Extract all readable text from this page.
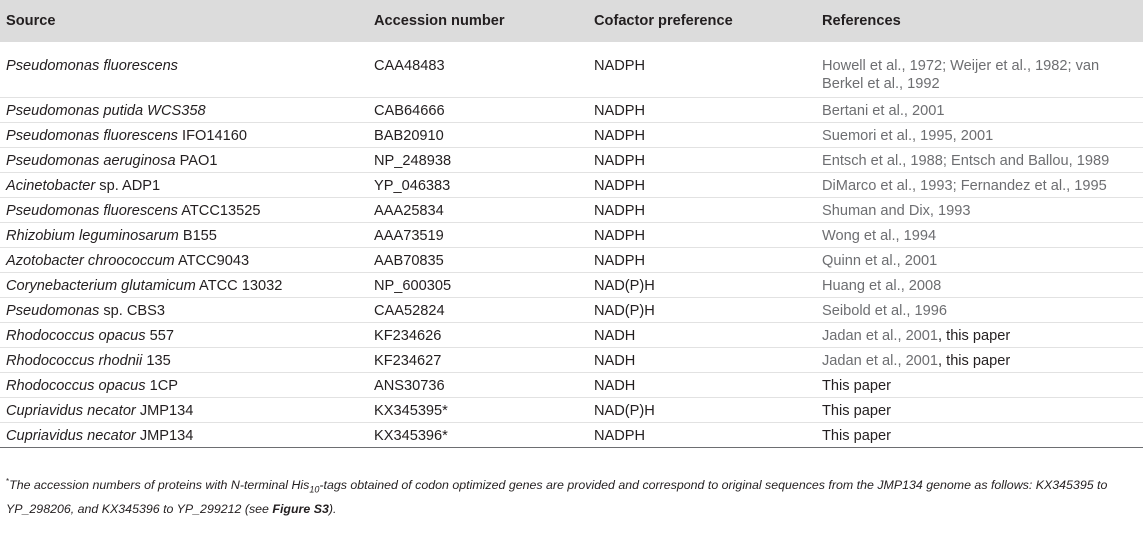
Source	Accession number	Cofactor preference	References
Pseudomonas fluorescens	CAA48483	NADPH	Howell et al., 1972; Weijer et al., 1982; van Berkel et al., 1992
Pseudomonas putida WCS358	CAB64666	NADPH	Bertani et al., 2001
Pseudomonas fluorescens IFO14160	BAB20910	NADPH	Suemori et al., 1995, 2001
Pseudomonas aeruginosa PAO1	NP_248938	NADPH	Entsch et al., 1988; Entsch and Ballou, 1989
Acinetobacter sp. ADP1	YP_046383	NADPH	DiMarco et al., 1993; Fernandez et al., 1995
Pseudomonas fluorescens ATCC13525	AAA25834	NADPH	Shuman and Dix, 1993
Rhizobium leguminosarum B155	AAA73519	NADPH	Wong et al., 1994
Azotobacter chroococcum ATCC9043	AAB70835	NADPH	Quinn et al., 2001
Corynebacterium glutamicum ATCC 13032	NP_600305	NAD(P)H	Huang et al., 2008
Pseudomonas sp. CBS3	CAA52824	NAD(P)H	Seibold et al., 1996
Rhodococcus opacus 557	KF234626	NADH	Jadan et al., 2001, this paper
Rhodococcus rhodnii 135	KF234627	NADH	Jadan et al., 2001, this paper
Rhodococcus opacus 1CP	ANS30736	NADH	This paper
Cupriavidus necator JMP134	KX345395*	NAD(P)H	This paper
Cupriavidus necator JMP134	KX345396*	NADPH	This paper
*The accession numbers of proteins with N-terminal His$_{10}$-tags obtained of codon optimized genes are provided and correspond to original sequences from the JMP134 genome as follows: KX345395 to YP_298206, and KX345396 to YP_299212 (see Figure S3).
